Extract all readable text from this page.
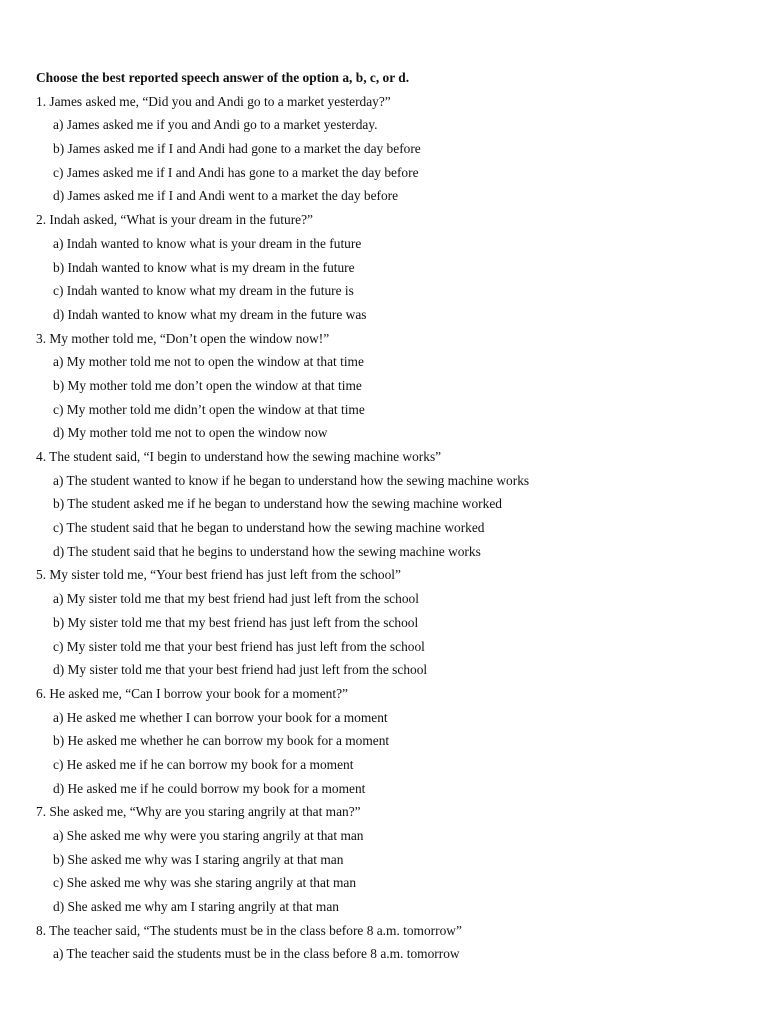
Choose the best reported speech answer of the option a, b, c, or d.
1. James asked me, “Did you and Andi go to a market yesterday?”
a) James asked me if you and Andi go to a market yesterday.
b) James asked me if I and Andi had gone to a market the day before
c) James asked me if I and Andi has gone to a market the day before
d) James asked me if I and Andi went to a market the day before
2. Indah asked, “What is your dream in the future?”
a) Indah wanted to know what is your dream in the future
b) Indah wanted to know what is my dream in the future
c) Indah wanted to know what my dream in the future is
d) Indah wanted to know what my dream in the future was
3. My mother told me, “Don’t open the window now!”
a) My mother told me not to open the window at that time
b) My mother told me don’t open the window at that time
c) My mother told me didn’t open the window at that time
d) My mother told me not to open the window now
4. The student said, “I begin to understand how the sewing machine works”
a) The student wanted to know if he began to understand how the sewing machine works
b) The student asked me if he began to understand how the sewing machine worked
c) The student said that he began to understand how the sewing machine worked
d) The student said that he begins to understand how the sewing machine works
5. My sister told me, “Your best friend has just left from the school”
a) My sister told me that my best friend had just left from the school
b) My sister told me that my best friend has just left from the school
c) My sister told me that your best friend has just left from the school
d) My sister told me that your best friend had just left from the school
6. He asked me, “Can I borrow your book for a moment?”
a) He asked me whether I can borrow your book for a moment
b) He asked me whether he can borrow my book for a moment
c) He asked me if he can borrow my book for a moment
d) He asked me if he could borrow my book for a moment
7. She asked me, “Why are you staring angrily at that man?”
a) She asked me why were you staring angrily at that man
b) She asked me why was I staring angrily at that man
c) She asked me why was she staring angrily at that man
d) She asked me why am I staring angrily at that man
8. The teacher said, “The students must be in the class before 8 a.m. tomorrow”
a) The teacher said the students must be in the class before 8 a.m. tomorrow
